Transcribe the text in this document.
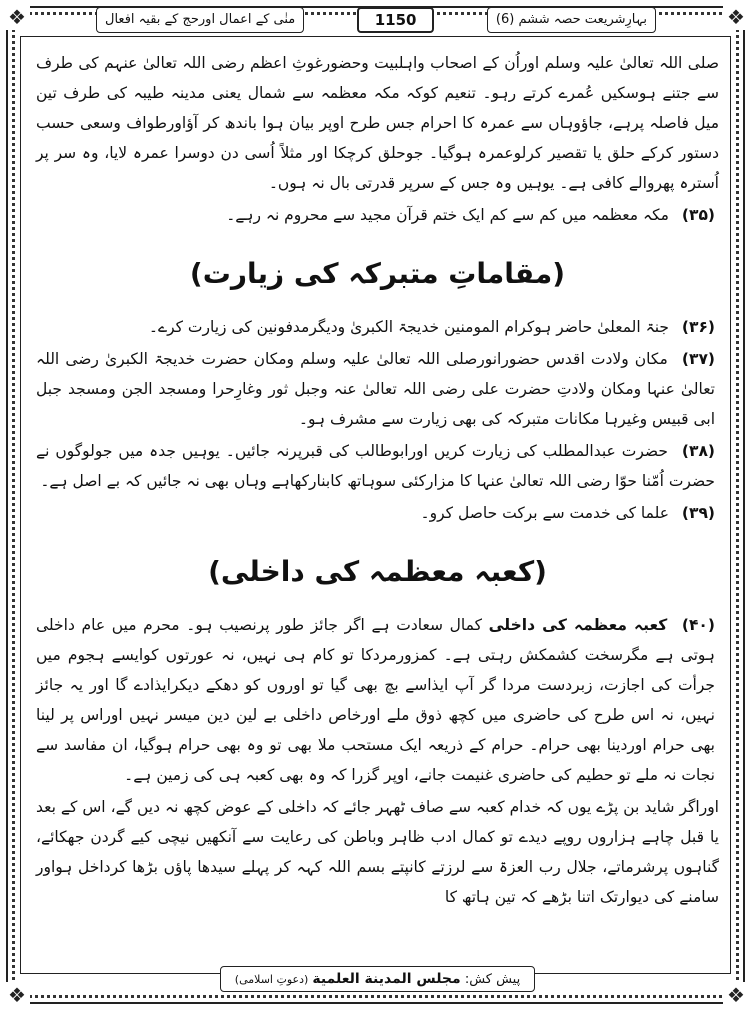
❖	❖
❖	❖
بہارِشریعت حصہ ششم (6)
1150
منٰی کے اعمال اورحج کے بقیہ افعال

صلی اللہ تعالیٰ علیہ وسلم اوراُن کے اصحاب واہلبیت وحضورغوثِ اعظم رضی اللہ تعالیٰ عنہم کی طرف سے جتنے ہوسکیں عُمرے کرتے رہو۔ تنعیم کوکہ مکہ معظمہ سے شمال یعنی مدینہ طیبہ کی طرف تین میل فاصلہ پرہے، جاؤوہاں سے عمرہ کا احرام جس طرح اوپر بیان ہوا باندھ کر آؤاورطواف وسعی حسب دستور کرکے حلق یا تقصیر کرلوعمرہ ہوگیا۔ جوحلق کرچکا اور مثلاً اُسی دن دوسرا عمرہ لایا، وہ سر پر اُسترہ پھروالے کافی ہے۔ یوہیں وہ جس کے سرپر قدرتی بال نہ ہوں۔

(۳۵) مکہ معظمہ میں کم سے کم ایک ختم قرآن مجید سے محروم نہ رہے۔

(مقاماتِ متبرکہ کی زیارت)

(۳۶) جنۃ المعلیٰ حاضر ہوکرام المومنین خدیجۃ الکبریٰ ودیگرمدفونین کی زیارت کرے۔

(۳۷) مکان ولادت اقدس حضورانورصلی اللہ تعالیٰ علیہ وسلم ومکان حضرت خدیجۃ الکبریٰ رضی اللہ تعالیٰ عنہا ومکان ولادتِ حضرت علی رضی اللہ تعالیٰ عنہ وجبل ثور وغارِحرا ومسجد الجن ومسجد جبل ابی قبیس وغیرہا مکانات متبرکہ کی بھی زیارت سے مشرف ہو۔

(۳۸) حضرت عبدالمطلب کی زیارت کریں اورابوطالب کی قبرپرنہ جائیں۔ یوہیں جدہ میں جولوگوں نے حضرت اُمّنا حوّا رضی اللہ تعالیٰ عنہا کا مزارکئی سوہاتھ کابنارکھاہے وہاں بھی نہ جائیں کہ بے اصل ہے۔

(۳۹) علما کی خدمت سے برکت حاصل کرو۔

(کعبہ معظمہ کی داخلی)

(۴۰) کعبہ معظمہ کی داخلی کمال سعادت ہے اگر جائز طور پرنصیب ہو۔ محرم میں عام داخلی ہوتی ہے مگرسخت کشمکش رہتی ہے۔ کمزورمردکا تو کام ہی نہیں، نہ عورتوں کوایسے ہجوم میں جرأت کی اجازت، زبردست مردا گر آپ ایذاسے بچ بھی گیا تو اوروں کو دھکے دیکرایذادے گا اور یہ جائز نہیں، نہ اس طرح کی حاضری میں کچھ ذوق ملے اورخاص داخلی بے لین دین میسر نہیں اوراس پر لینا بھی حرام اوردینا بھی حرام۔ حرام کے ذریعہ ایک مستحب ملا بھی تو وہ بھی حرام ہوگیا، ان مفاسد سے نجات نہ ملے تو حطیم کی حاضری غنیمت جانے، اوپر گزرا کہ وہ بھی کعبہ ہی کی زمین ہے۔

اوراگر شاید بن پڑے یوں کہ خدام کعبہ سے صاف ٹھہر جائے کہ داخلی کے عوض کچھ نہ دیں گے، اس کے بعد یا قبل چاہے ہزاروں روپے دیدے تو کمال ادب ظاہر وباطن کی رعایت سے آنکھیں نیچی کیے گردن جھکائے، گناہوں پرشرماتے، جلال رب العزۃ سے لرزتے کانپتے بسم اللہ کہہ کر پہلے سیدھا پاؤں بڑھا کرداخل ہواور سامنے کی دیوارتک اتنا بڑھے کہ تین ہاتھ کا

پیش کش: مجلس المدینة العلمیة (دعوتِ اسلامی)
